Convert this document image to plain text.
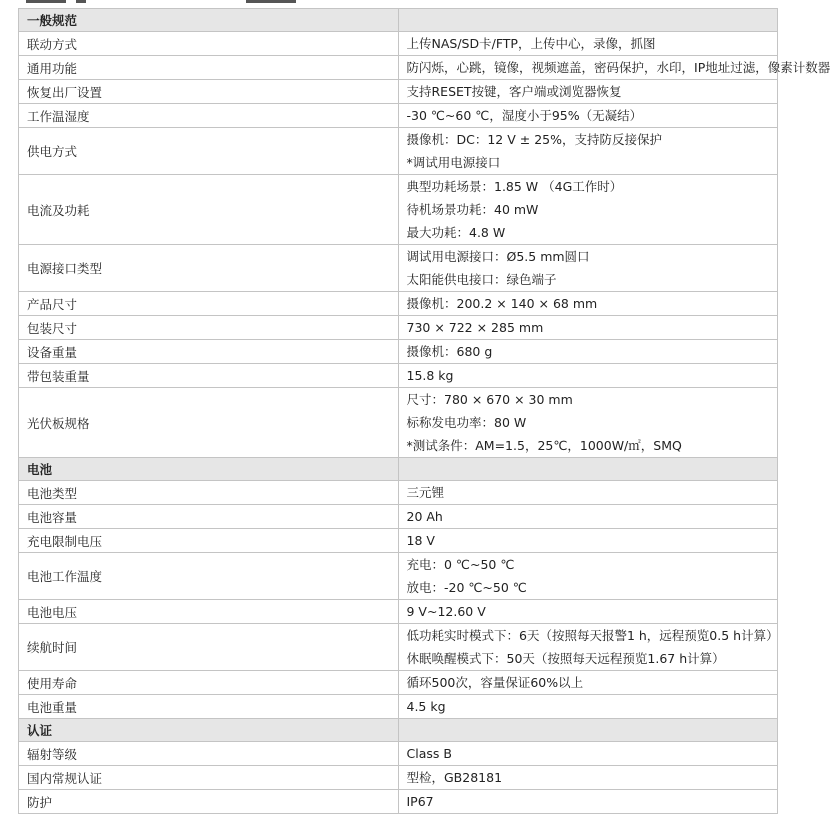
一般规范	
联动方式	上传NAS/SD卡/FTP，上传中心，录像，抓图

通用功能	防闪烁，心跳，镜像，视频遮盖，密码保护，水印，IP地址过滤，像素计数器

恢复出厂设置	支持RESET按键，客户端或浏览器恢复

工作温湿度	-30 ℃~60 ℃，湿度小于95%（无凝结）

供电方式	摄像机：DC：12 V ± 25%，支持防反接保护
*调试用电源接口

电流及功耗	典型功耗场景：1.85 W （4G工作时）
待机场景功耗：40 mW
最大功耗：4.8 W

电源接口类型	调试用电源接口：Ø5.5 mm圆口
太阳能供电接口：绿色端子

产品尺寸	摄像机：200.2 × 140 × 68 mm

包装尺寸	730 × 722 × 285 mm

设备重量	摄像机：680 g

带包装重量	15.8 kg

光伏板规格	尺寸：780 × 670 × 30 mm
标称发电功率：80 W
*测试条件：AM=1.5，25℃，1000W/㎡，SMQ

电池	
电池类型	三元锂

电池容量	20 Ah

充电限制电压	18 V

电池工作温度	充电：0 ℃~50 ℃
放电：-20 ℃~50 ℃

电池电压	9 V~12.60 V

续航时间	低功耗实时模式下：6天（按照每天报警1 h，远程预览0.5 h计算）
休眠唤醒模式下：50天（按照每天远程预览1.67 h计算）

使用寿命	循环500次，容量保证60%以上

电池重量	4.5 kg

认证	
辐射等级	Class B

国内常规认证	型检，GB28181

防护	IP67
